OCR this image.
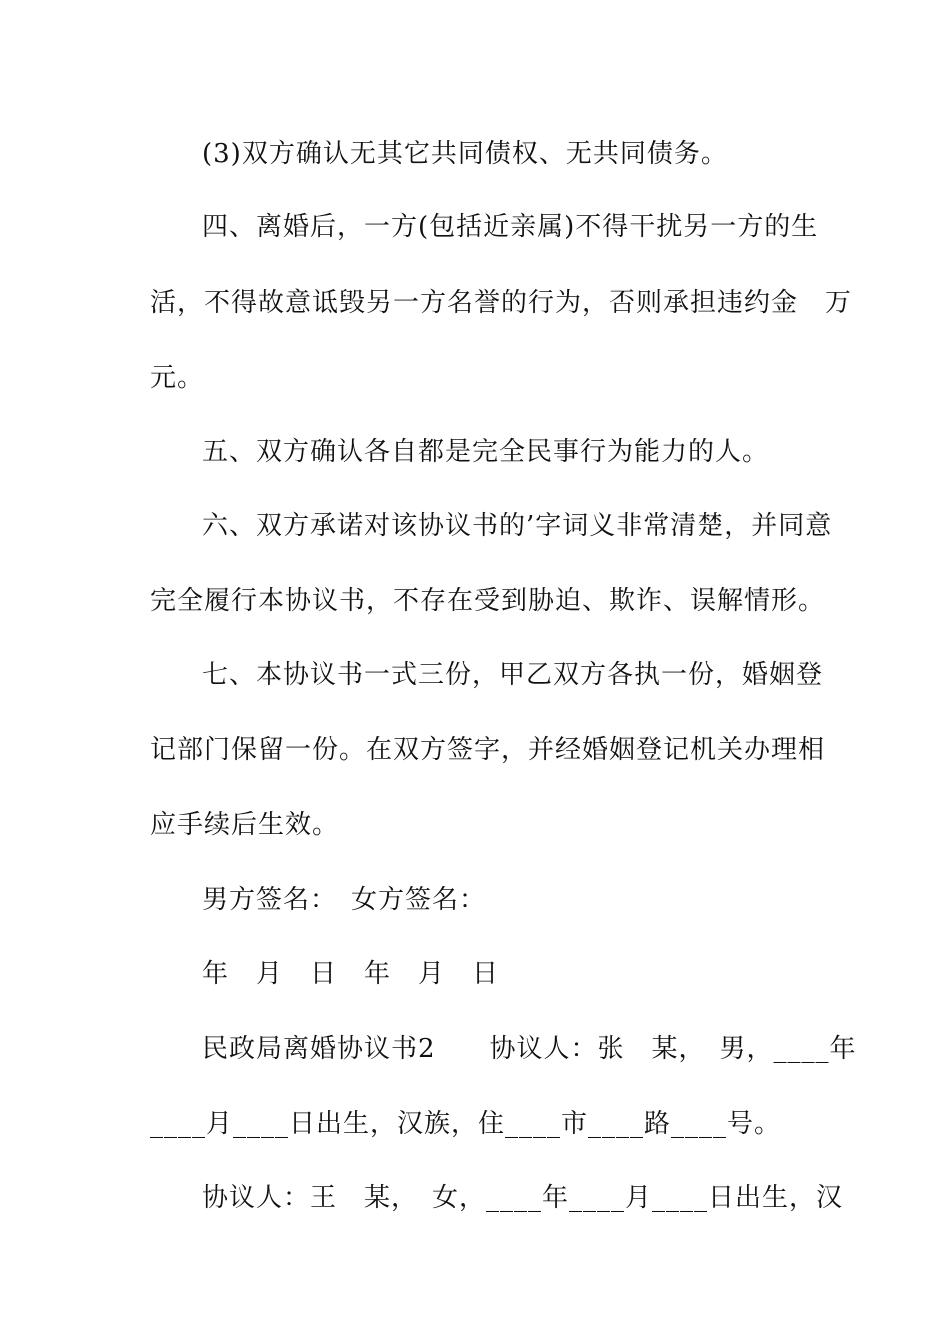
(3)双方确认无其它共同债权、无共同债务。
四、离婚后，一方(包括近亲属)不得干扰另一方的生
活，不得故意诋毁另一方名誉的行为，否则承担违约金　万
元。
五、双方确认各自都是完全民事行为能力的人。
六、双方承诺对该协议书的’字词义非常清楚，并同意
完全履行本协议书，不存在受到胁迫、欺诈、误解情形。
七、本协议书一式三份，甲乙双方各执一份，婚姻登
记部门保留一份。在双方签字，并经婚姻登记机关办理相
应手续后生效。
男方签名：　女方签名：
年　月　日　年　月　日
民政局离婚协议书2　　协议人：张　某，　男，____年
____月____日出生，汉族，住____市____路____号。
协议人：王　某，　女，____年____月____日出生，汉
